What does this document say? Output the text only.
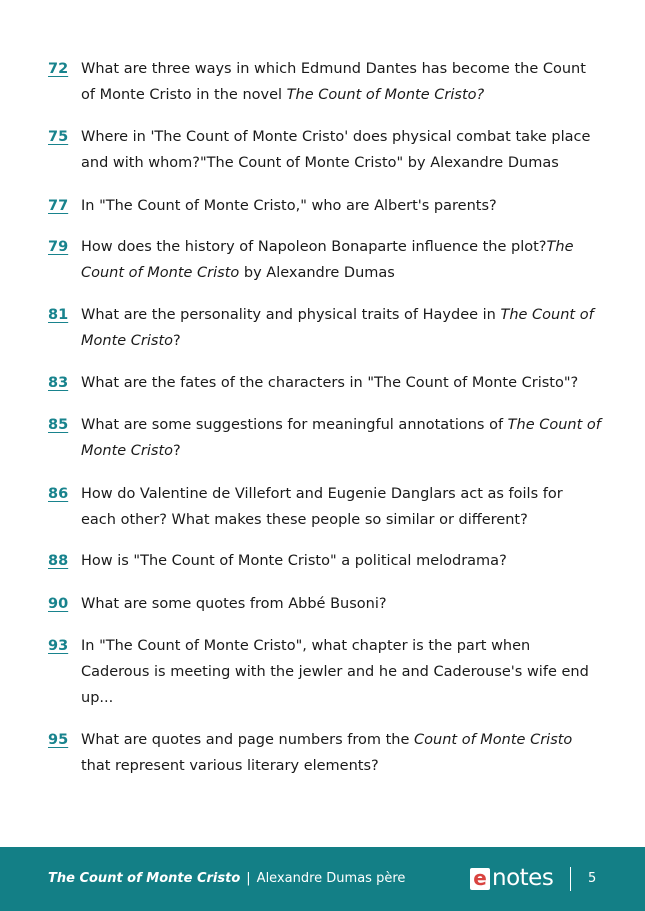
72 What are three ways in which Edmund Dantes has become the Count of Monte Cristo in the novel The Count of Monte Cristo?
75 Where in 'The Count of Monte Cristo' does physical combat take place and with whom?"The Count of Monte Cristo" by Alexandre Dumas
77 In "The Count of Monte Cristo," who are Albert's parents?
79 How does the history of Napoleon Bonaparte influence the plot?The Count of Monte Cristo by Alexandre Dumas
81 What are the personality and physical traits of Haydee in The Count of Monte Cristo?
83 What are the fates of the characters in "The Count of Monte Cristo"?
85 What are some suggestions for meaningful annotations of The Count of Monte Cristo?
86 How do Valentine de Villefort and Eugenie Danglars act as foils for each other? What makes these people so similar or different?
88 How is "The Count of Monte Cristo" a political melodrama?
90 What are some quotes from Abbé Busoni?
93 In "The Count of Monte Cristo", what chapter is the part when Caderous is meeting with the jewler and he and Caderouse's wife end up...
95 What are quotes and page numbers from the Count of Monte Cristo that represent various literary elements?
The Count of Monte Cristo | Alexandre Dumas père	e notes	5
